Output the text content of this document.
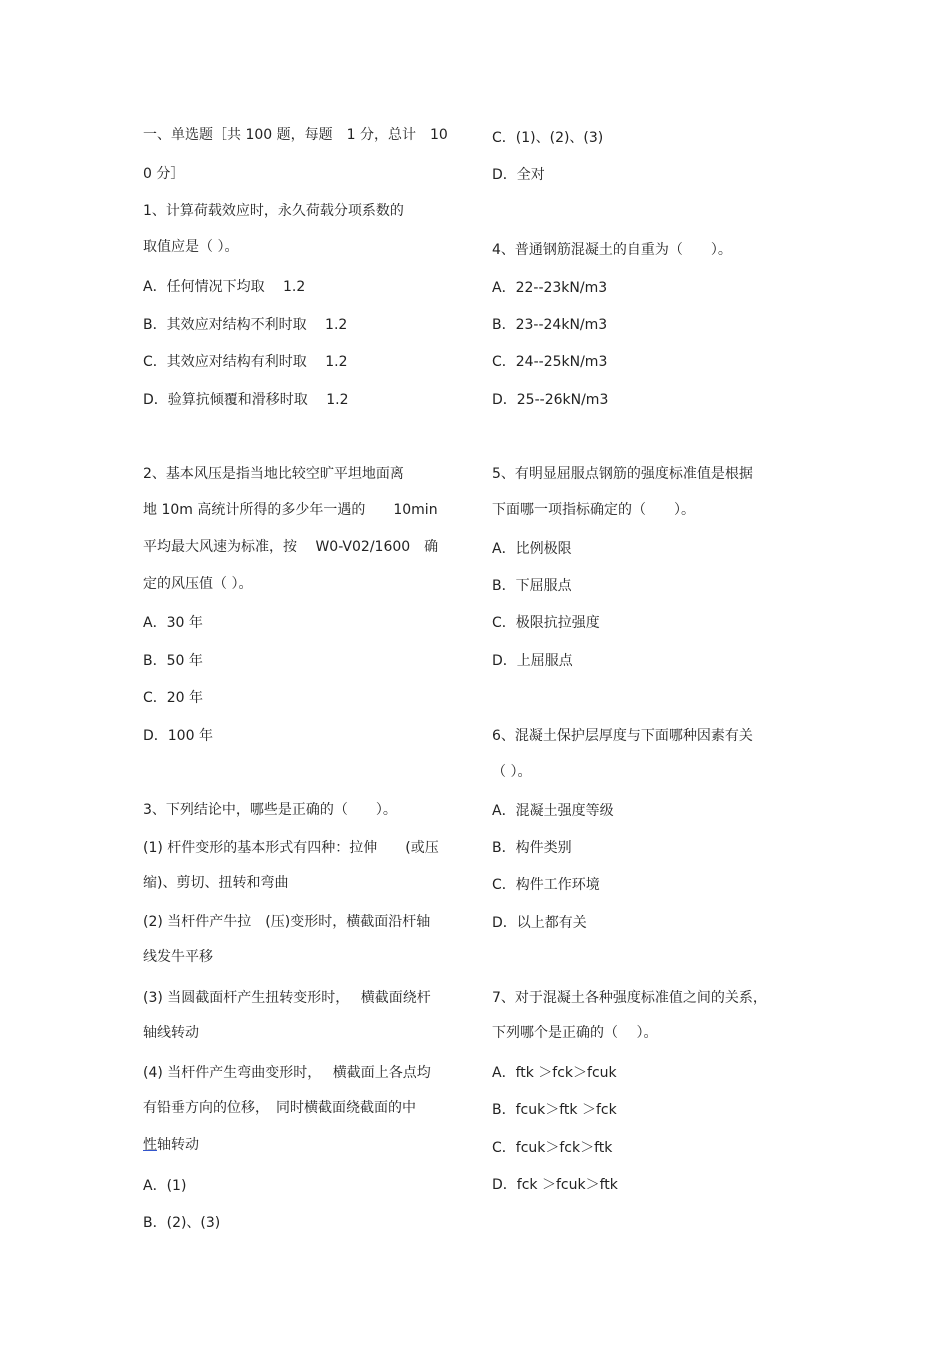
一、单选题［共 100 题，每题　1 分，总计　10
0 分］
1、计算荷载效应时，永久荷载分项系数的
取值应是（ ）。
A．任何情况下均取　 1.2
B．其效应对结构不利时取　 1.2
C．其效应对结构有利时取　 1.2
D．验算抗倾覆和滑移时取　 1.2
2、基本风压是指当地比较空旷平坦地面离
地 10m 高统计所得的多少年一遇的　　10min
平均最大风速为标准，按　 W0-V02/1600　确
定的风压值（ ）。
A．30 年
B．50 年
C．20 年
D．100 年
3、下列结论中，哪些是正确的（　　）。
(1) 杆件变形的基本形式有四种：拉伸　　(或压
缩)、剪切、扭转和弯曲
(2) 当杆件产牛拉　(压)变形时，横截面沿杆轴
线发牛平移
(3) 当圆截面杆产生扭转变形时，　 横截面绕杆
轴线转动
(4) 当杆件产生弯曲变形时，　 横截面上各点均
有铅垂方向的位移，　同时横截面绕截面的中
性轴转动
A．(1)
B．(2)、(3)
C．(1)、(2)、(3)
D．全对
4、普通钢筋混凝土的自重为（　　）。
A．22--23kN/m3
B．23--24kN/m3
C．24--25kN/m3
D．25--26kN/m3
5、有明显屈服点钢筋的强度标准值是根据
下面哪一项指标确定的（　　）。
A．比例极限
B．下屈服点
C．极限抗拉强度
D．上屈服点
6、混凝土保护层厚度与下面哪种因素有关
（ ）。
A．混凝土强度等级
B．构件类别
C．构件工作环境
D．以上都有关
7、对于混凝土各种强度标准值之间的关系，
下列哪个是正确的（　 ）。
A．ftk ＞fck＞fcuk
B．fcuk＞ftk ＞fck
C．fcuk＞fck＞ftk
D．fck ＞fcuk＞ftk
